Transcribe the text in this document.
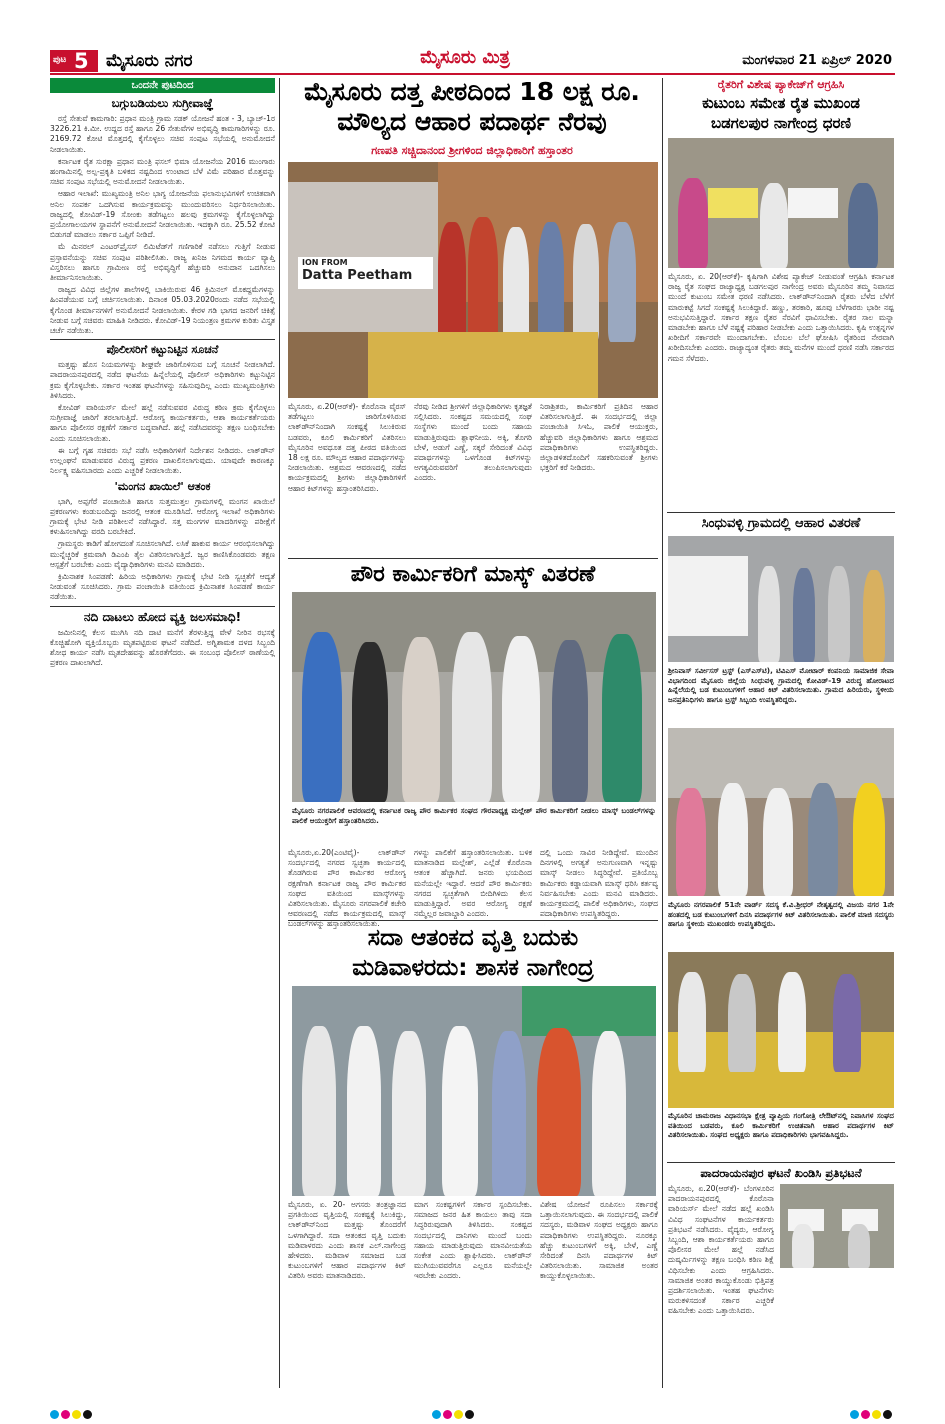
ಪುಟ 5 ಮೈಸೂರು ನಗರ	ಮೈಸೂರು ಮಿತ್ರ	ಮಂಗಳವಾರ 21 ಏಪ್ರಿಲ್ 2020
ಒಂದನೇ ಪುಟದಿಂದ
ಬಗ್ಗುಬಡಿಯಲು ಸುಗ್ರೀವಾಜ್ಞೆ

ರಸ್ತೆ ಸೇತುವೆ ಕಾಮಗಾರಿ: ಪ್ರಧಾನ ಮಂತ್ರಿ ಗ್ರಾಮ ಸಡಕ್ ಯೋಜನೆ ಹಂತ - 3, ಬ್ಯಾಚ್-1ರ 3226.21 ಕಿ.ಮೀ. ಉದ್ದದ ರಸ್ತೆ ಹಾಗೂ 26 ಸೇತುವೆಗಳ ಅಭಿವೃದ್ಧಿ ಕಾಮಗಾರಿಗಳನ್ನು ರೂ. 2169.72 ಕೋಟಿ ಮೊತ್ತದಲ್ಲಿ ಕೈಗೊಳ್ಳಲು ಸಚಿವ ಸಂಪುಟ ಸಭೆಯಲ್ಲಿ ಅನುಮೋದನೆ ನೀಡಲಾಯಿತು.

ಕರ್ನಾಟಕ ರೈತ ಸುರಕ್ಷಾ ಪ್ರಧಾನ ಮಂತ್ರಿ ಫಸಲ್ ಭಿಮಾ ಯೋಜನೆಯ 2016 ಮುಂಗಾರು ಹಂಗಾಮಿನಲ್ಲಿ ಅಲ್ಪ-ಪ್ರಕೃತಿ ಬಳಿಕದ ನಷ್ಟದಿಂದ ಉಂಟಾದ ಬೆಳೆ ವಿಮೆ ಪರಿಹಾರ ಮೊತ್ತವನ್ನು ಸಚಿವ ಸಂಪುಟ ಸಭೆಯಲ್ಲಿ ಅನುಮೋದನೆ ನೀಡಲಾಯಿತು.

ಆಹಾರ ಇಲಾಖೆ: ಮುಖ್ಯಮಂತ್ರಿ ಅನಿಲ ಭಾಗ್ಯ ಯೋಜನೆಯ ಫಲಾನುಭವಿಗಳಿಗೆ ಉಚಿತವಾಗಿ ಅನಿಲ ಸಂಪರ್ಕ ಒದಗಿಸುವ ಕಾರ್ಯಕ್ರಮವನ್ನು ಮುಂದುವರಿಸಲು ನಿರ್ಧರಿಸಲಾಯಿತು. ರಾಜ್ಯದಲ್ಲಿ ಕೋವಿಡ್-19 ಸೋಂಕು ತಡೆಗಟ್ಟಲು ಹಲವು ಕ್ರಮಗಳನ್ನು ಕೈಗೊಳ್ಳಲಾಗಿದ್ದು ಪ್ರಯೋಗಾಲಯಗಳ ಸ್ಥಾಪನೆಗೆ ಅನುಮೋದನೆ ನೀಡಲಾಯಿತು. ಇದಕ್ಕಾಗಿ ರೂ. 25.52 ಕೋಟಿ ಬಿಡುಗಡೆ ಮಾಡಲು ಸರ್ಕಾರ ಒಪ್ಪಿಗೆ ನೀಡಿದೆ.

ಮೆ ಮಿನರಲ್ ಎಂಟರ್‌ಪ್ರೈಸಸ್ ಲಿಮಿಟೆಡ್‌ಗೆ ಗಣಿಗಾರಿಕೆ ನಡೆಸಲು ಗುತ್ತಿಗೆ ನೀಡುವ ಪ್ರಸ್ತಾವನೆಯನ್ನು ಸಚಿವ ಸಂಪುಟ ಪರಿಶೀಲಿಸಿತು. ರಾಜ್ಯ ಖನಿಜ ನಿಗಮದ ಕಾರ್ಯ ವ್ಯಾಪ್ತಿ ವಿಸ್ತರಿಸಲು ಹಾಗೂ ಗ್ರಾಮೀಣ ರಸ್ತೆ ಅಭಿವೃದ್ಧಿಗೆ ಹೆಚ್ಚುವರಿ ಅನುದಾನ ಒದಗಿಸಲು ತೀರ್ಮಾನಿಸಲಾಯಿತು.

ರಾಜ್ಯದ ವಿವಿಧ ಜಿಲ್ಲೆಗಳ ಶಾಲೆಗಳಲ್ಲಿ ಬಾಕಿಯಿರುವ 46 ಕ್ರಿಮಿನಲ್ ಮೊಕದ್ದಮೆಗಳನ್ನು ಹಿಂಪಡೆಯುವ ಬಗ್ಗೆ ಚರ್ಚಿಸಲಾಯಿತು. ದಿನಾಂಕ 05.03.2020ರಂದು ನಡೆದ ಸಭೆಯಲ್ಲಿ ಕೈಗೊಂಡ ತೀರ್ಮಾನಗಳಿಗೆ ಅನುಮೋದನೆ ನೀಡಲಾಯಿತು. ಕೇರಳ ಗಡಿ ಭಾಗದ ಜನರಿಗೆ ಚಿಕಿತ್ಸೆ ನೀಡುವ ಬಗ್ಗೆ ಸಚಿವರು ಮಾಹಿತಿ ನೀಡಿದರು. ಕೋವಿಡ್-19 ನಿಯಂತ್ರಣ ಕ್ರಮಗಳ ಕುರಿತು ವಿಸ್ತೃತ ಚರ್ಚೆ ನಡೆಯಿತು.

ಪೊಲೀಸರಿಗೆ ಕಟ್ಟುನಿಟ್ಟಿನ ಸೂಚನೆ

ಮತ್ತಷ್ಟು ಹೊಸ ನಿಯಮಗಳನ್ನು ಶೀಘ್ರವೇ ಜಾರಿಗೊಳಿಸುವ ಬಗ್ಗೆ ಸೂಚನೆ ನೀಡಲಾಗಿದೆ. ಪಾದರಾಯನಪುರದಲ್ಲಿ ನಡೆದ ಘಟನೆಯ ಹಿನ್ನೆಲೆಯಲ್ಲಿ ಪೊಲೀಸ್ ಅಧಿಕಾರಿಗಳು ಕಟ್ಟುನಿಟ್ಟಿನ ಕ್ರಮ ಕೈಗೊಳ್ಳಬೇಕು. ಸರ್ಕಾರ ಇಂತಹ ಘಟನೆಗಳನ್ನು ಸಹಿಸುವುದಿಲ್ಲ ಎಂದು ಮುಖ್ಯಮಂತ್ರಿಗಳು ತಿಳಿಸಿದರು.

ಕೋವಿಡ್ ವಾರಿಯರ್ಸ್ ಮೇಲೆ ಹಲ್ಲೆ ನಡೆಸುವವರ ವಿರುದ್ಧ ಕಠಿಣ ಕ್ರಮ ಕೈಗೊಳ್ಳಲು ಸುಗ್ರೀವಾಜ್ಞೆ ಜಾರಿಗೆ ತರಲಾಗುತ್ತಿದೆ. ಆರೋಗ್ಯ ಕಾರ್ಯಕರ್ತರು, ಆಶಾ ಕಾರ್ಯಕರ್ತೆಯರು ಹಾಗೂ ಪೊಲೀಸರ ರಕ್ಷಣೆಗೆ ಸರ್ಕಾರ ಬದ್ಧವಾಗಿದೆ. ಹಲ್ಲೆ ನಡೆಸಿದವರನ್ನು ತಕ್ಷಣ ಬಂಧಿಸಬೇಕು ಎಂದು ಸೂಚಿಸಲಾಯಿತು.

ಈ ಬಗ್ಗೆ ಗೃಹ ಸಚಿವರು ಸಭೆ ನಡೆಸಿ ಅಧಿಕಾರಿಗಳಿಗೆ ನಿರ್ದೇಶನ ನೀಡಿದರು. ಲಾಕ್‌ಡೌನ್ ಉಲ್ಲಂಘನೆ ಮಾಡುವವರ ವಿರುದ್ಧ ಪ್ರಕರಣ ದಾಖಲಿಸಲಾಗುವುದು. ಯಾವುದೇ ಕಾರಣಕ್ಕೂ ನಿರ್ಲಕ್ಷ್ಯ ವಹಿಸಬಾರದು ಎಂದು ಎಚ್ಚರಿಕೆ ನೀಡಲಾಯಿತು.

'ಮಂಗನ ಖಾಯಿಲೆ' ಆತಂಕ

ಭಾಗಿ, ಅಪ್ಪಗೆರೆ ಪಂಚಾಯಿತಿ ಹಾಗೂ ಸುತ್ತಮುತ್ತಲ ಗ್ರಾಮಗಳಲ್ಲಿ ಮಂಗನ ಖಾಯಿಲೆ ಪ್ರಕರಣಗಳು ಕಂಡುಬಂದಿದ್ದು ಜನರಲ್ಲಿ ಆತಂಕ ಮೂಡಿಸಿದೆ. ಆರೋಗ್ಯ ಇಲಾಖೆ ಅಧಿಕಾರಿಗಳು ಗ್ರಾಮಕ್ಕೆ ಭೇಟಿ ನೀಡಿ ಪರಿಶೀಲನೆ ನಡೆಸಿದ್ದಾರೆ. ಸತ್ತ ಮಂಗಗಳ ಮಾದರಿಗಳನ್ನು ಪರೀಕ್ಷೆಗೆ ಕಳುಹಿಸಲಾಗಿದ್ದು ವರದಿ ಬರಬೇಕಿದೆ.

ಗ್ರಾಮಸ್ಥರು ಕಾಡಿಗೆ ಹೋಗದಂತೆ ಸೂಚಿಸಲಾಗಿದೆ. ಲಸಿಕೆ ಹಾಕುವ ಕಾರ್ಯ ಆರಂಭಿಸಲಾಗಿದ್ದು ಮುನ್ನೆಚ್ಚರಿಕೆ ಕ್ರಮವಾಗಿ ಡಿಎಂಪಿ ತೈಲ ವಿತರಿಸಲಾಗುತ್ತಿದೆ. ಜ್ವರ ಕಾಣಿಸಿಕೊಂಡವರು ತಕ್ಷಣ ಆಸ್ಪತ್ರೆಗೆ ಬರಬೇಕು ಎಂದು ವೈದ್ಯಾಧಿಕಾರಿಗಳು ಮನವಿ ಮಾಡಿದರು.

ಕ್ರಿಮಿನಾಶಕ ಸಿಂಪಡಣೆ: ಹಿರಿಯ ಅಧಿಕಾರಿಗಳು ಗ್ರಾಮಕ್ಕೆ ಭೇಟಿ ನೀಡಿ ಸ್ವಚ್ಛತೆಗೆ ಆದ್ಯತೆ ನೀಡುವಂತೆ ಸೂಚಿಸಿದರು. ಗ್ರಾಮ ಪಂಚಾಯಿತಿ ವತಿಯಿಂದ ಕ್ರಿಮಿನಾಶಕ ಸಿಂಪಡಣೆ ಕಾರ್ಯ ನಡೆಯಿತು.

ನದಿ ದಾಟಲು ಹೋದ ವ್ಯಕ್ತಿ ಜಲಸಮಾಧಿ!

ಜಮೀನಿನಲ್ಲಿ ಕೆಲಸ ಮುಗಿಸಿ ನದಿ ದಾಟಿ ಮನೆಗೆ ತೆರಳುತ್ತಿದ್ದ ವೇಳೆ ನೀರಿನ ರಭಸಕ್ಕೆ ಕೊಚ್ಚಿಹೋಗಿ ವ್ಯಕ್ತಿಯೊಬ್ಬರು ಮೃತಪಟ್ಟಿರುವ ಘಟನೆ ನಡೆದಿದೆ. ಅಗ್ನಿಶಾಮಕ ದಳದ ಸಿಬ್ಬಂದಿ ಶೋಧ ಕಾರ್ಯ ನಡೆಸಿ ಮೃತದೇಹವನ್ನು ಹೊರತೆಗೆದರು. ಈ ಸಂಬಂಧ ಪೊಲೀಸ್ ಠಾಣೆಯಲ್ಲಿ ಪ್ರಕರಣ ದಾಖಲಾಗಿದೆ.

ಮೈಸೂರು ದತ್ತ ಪೀಠದಿಂದ 18 ಲಕ್ಷ ರೂ.
ಮೌಲ್ಯದ ಆಹಾರ ಪದಾರ್ಥ ನೆರವು
ಗಣಪತಿ ಸಚ್ಚಿದಾನಂದ ಶ್ರೀಗಳಿಂದ ಜಿಲ್ಲಾಧಿಕಾರಿಗೆ ಹಸ್ತಾಂತರ
ION FROM
Datta Peetham
ಮೈಸೂರು, ಏ.20(ಆರ್‌ಕೆ)- ಕೊರೊನಾ ವೈರಸ್ ತಡೆಗಟ್ಟಲು ಜಾರಿಗೊಳಿಸಿರುವ ಲಾಕ್‌ಡೌನ್‌ನಿಂದಾಗಿ ಸಂಕಷ್ಟಕ್ಕೆ ಸಿಲುಕಿರುವ ಬಡವರು, ಕೂಲಿ ಕಾರ್ಮಿಕರಿಗೆ ವಿತರಿಸಲು ಮೈಸೂರಿನ ಅವಧೂತ ದತ್ತ ಪೀಠದ ವತಿಯಿಂದ 18 ಲಕ್ಷ ರೂ. ಮೌಲ್ಯದ ಆಹಾರ ಪದಾರ್ಥಗಳನ್ನು ನೀಡಲಾಯಿತು. ಆಶ್ರಮದ ಆವರಣದಲ್ಲಿ ನಡೆದ ಕಾರ್ಯಕ್ರಮದಲ್ಲಿ ಶ್ರೀಗಳು ಜಿಲ್ಲಾಧಿಕಾರಿಗಳಿಗೆ ಆಹಾರ ಕಿಟ್‌ಗಳನ್ನು ಹಸ್ತಾಂತರಿಸಿದರು.
ನೆರವು ನೀಡಿದ ಶ್ರೀಗಳಿಗೆ ಜಿಲ್ಲಾಧಿಕಾರಿಗಳು ಕೃತಜ್ಞತೆ ಸಲ್ಲಿಸಿದರು. ಸಂಕಷ್ಟದ ಸಮಯದಲ್ಲಿ ಸಂಘ ಸಂಸ್ಥೆಗಳು ಮುಂದೆ ಬಂದು ಸಹಾಯ ಮಾಡುತ್ತಿರುವುದು ಶ್ಲಾಘನೀಯ. ಅಕ್ಕಿ, ತೊಗರಿ ಬೇಳೆ, ಅಡುಗೆ ಎಣ್ಣೆ, ಸಕ್ಕರೆ ಸೇರಿದಂತೆ ವಿವಿಧ ಪದಾರ್ಥಗಳನ್ನು ಒಳಗೊಂಡ ಕಿಟ್‌ಗಳನ್ನು ಅಗತ್ಯವಿರುವವರಿಗೆ ತಲುಪಿಸಲಾಗುವುದು ಎಂದರು.
ನಿರಾಶ್ರಿತರು, ಕಾರ್ಮಿಕರಿಗೆ ಪ್ರತಿದಿನ ಆಹಾರ ವಿತರಿಸಲಾಗುತ್ತಿದೆ. ಈ ಸಂದರ್ಭದಲ್ಲಿ ಜಿಲ್ಲಾ ಪಂಚಾಯಿತಿ ಸಿಇಓ, ಪಾಲಿಕೆ ಆಯುಕ್ತರು, ಹೆಚ್ಚುವರಿ ಜಿಲ್ಲಾಧಿಕಾರಿಗಳು ಹಾಗೂ ಆಶ್ರಮದ ಪದಾಧಿಕಾರಿಗಳು ಉಪಸ್ಥಿತರಿದ್ದರು. ಜಿಲ್ಲಾಡಳಿತದೊಂದಿಗೆ ಸಹಕರಿಸುವಂತೆ ಶ್ರೀಗಳು ಭಕ್ತರಿಗೆ ಕರೆ ನೀಡಿದರು.
ಪೌರ ಕಾರ್ಮಿಕರಿಗೆ ಮಾಸ್ಕ್ ವಿತರಣೆ
ಮೈಸೂರು ನಗರಪಾಲಿಕೆ ಆವರಣದಲ್ಲಿ ಕರ್ನಾಟಕ ರಾಜ್ಯ ಪೌರ ಕಾರ್ಮಿಕರ ಸಂಘದ ಗೌರವಾಧ್ಯಕ್ಷ ಮಲ್ಲೇಶ್ ಪೌರ ಕಾರ್ಮಿಕರಿಗೆ ನೀಡಲು ಮಾಸ್ಕ್ ಬಂಡಲ್‌ಗಳನ್ನು ಪಾಲಿಕೆ ಆಯುಕ್ತರಿಗೆ ಹಸ್ತಾಂತರಿಸಿದರು.
ಮೈಸೂರು,ಏ.20(ಎಂಟಿವೈ)- ಲಾಕ್‌ಡೌನ್ ಸಂದರ್ಭದಲ್ಲಿ ನಗರದ ಸ್ವಚ್ಛತಾ ಕಾರ್ಯದಲ್ಲಿ ತೊಡಗಿರುವ ಪೌರ ಕಾರ್ಮಿಕರ ಆರೋಗ್ಯ ರಕ್ಷಣೆಗಾಗಿ ಕರ್ನಾಟಕ ರಾಜ್ಯ ಪೌರ ಕಾರ್ಮಿಕರ ಸಂಘದ ವತಿಯಿಂದ ಮಾಸ್ಕ್‌ಗಳನ್ನು ವಿತರಿಸಲಾಯಿತು. ಮೈಸೂರು ನಗರಪಾಲಿಕೆ ಕಚೇರಿ ಆವರಣದಲ್ಲಿ ನಡೆದ ಕಾರ್ಯಕ್ರಮದಲ್ಲಿ ಮಾಸ್ಕ್ ಬಂಡಲ್‌ಗಳನ್ನು ಹಸ್ತಾಂತರಿಸಲಾಯಿತು.
ಗಳನ್ನು ಪಾಲಿಕೆಗೆ ಹಸ್ತಾಂತರಿಸಲಾಯಿತು. ಬಳಿಕ ಮಾತನಾಡಿದ ಮಲ್ಲೇಶ್, ಎಲ್ಲೆಡೆ ಕೊರೊನಾ ಆತಂಕ ಹೆಚ್ಚಾಗಿದೆ. ಜನರು ಭಯದಿಂದ ಮನೆಯಲ್ಲೇ ಇದ್ದಾರೆ. ಆದರೆ ಪೌರ ಕಾರ್ಮಿಕರು ನಗರದ ಸ್ವಚ್ಛತೆಗಾಗಿ ಬೀದಿಗಿಳಿದು ಕೆಲಸ ಮಾಡುತ್ತಿದ್ದಾರೆ. ಅವರ ಆರೋಗ್ಯ ರಕ್ಷಣೆ ನಮ್ಮೆಲ್ಲರ ಜವಾಬ್ದಾರಿ ಎಂದರು.
ದಲ್ಲಿ ಒಂದು ಸಾವಿರ ನೀಡಿದ್ದೇವೆ. ಮುಂದಿನ ದಿನಗಳಲ್ಲಿ ಅಗತ್ಯತೆ ಅನುಗುಣವಾಗಿ ಇನ್ನಷ್ಟು ಮಾಸ್ಕ್ ನೀಡಲು ಸಿದ್ಧರಿದ್ದೇವೆ. ಪ್ರತಿಯೊಬ್ಬ ಕಾರ್ಮಿಕರು ಕಡ್ಡಾಯವಾಗಿ ಮಾಸ್ಕ್ ಧರಿಸಿ ಕರ್ತವ್ಯ ನಿರ್ವಹಿಸಬೇಕು ಎಂದು ಮನವಿ ಮಾಡಿದರು. ಕಾರ್ಯಕ್ರಮದಲ್ಲಿ ಪಾಲಿಕೆ ಅಧಿಕಾರಿಗಳು, ಸಂಘದ ಪದಾಧಿಕಾರಿಗಳು ಉಪಸ್ಥಿತರಿದ್ದರು.
ಸದಾ ಆತಂಕದ ವೃತ್ತಿ ಬದುಕು
ಮಡಿವಾಳರದು: ಶಾಸಕ ನಾಗೇಂದ್ರ
ಮೈಸೂರು, ಏ. 20- ಅಗಸರು ತಂತ್ರಜ್ಞಾನದ ಪ್ರಗತಿಯಿಂದ ವೃತ್ತಿಯಲ್ಲಿ ಸಂಕಷ್ಟಕ್ಕೆ ಸಿಲುಕಿದ್ದು, ಲಾಕ್‌ಡೌನ್‌ನಿಂದ ಮತ್ತಷ್ಟು ತೊಂದರೆಗೆ ಒಳಗಾಗಿದ್ದಾರೆ. ಸದಾ ಆತಂಕದ ವೃತ್ತಿ ಬದುಕು ಮಡಿವಾಳರದು ಎಂದು ಶಾಸಕ ಎಲ್.ನಾಗೇಂದ್ರ ಹೇಳಿದರು. ಮಡಿವಾಳ ಸಮಾಜದ ಬಡ ಕುಟುಂಬಗಳಿಗೆ ಆಹಾರ ಪದಾರ್ಥಗಳ ಕಿಟ್ ವಿತರಿಸಿ ಅವರು ಮಾತನಾಡಿದರು.
ಮಾಗ ಸಂಕಷ್ಟಗಳಿಗೆ ಸರ್ಕಾರ ಸ್ಪಂದಿಸಬೇಕು. ಸಮಾಜದ ಜನರ ಹಿತ ಕಾಯಲು ತಾವು ಸದಾ ಸಿದ್ಧರಿರುವುದಾಗಿ ತಿಳಿಸಿದರು. ಸಂಕಷ್ಟದ ಸಂದರ್ಭದಲ್ಲಿ ದಾನಿಗಳು ಮುಂದೆ ಬಂದು ಸಹಾಯ ಮಾಡುತ್ತಿರುವುದು ಮಾನವೀಯತೆಯ ಸಂಕೇತ ಎಂದು ಶ್ಲಾಘಿಸಿದರು. ಲಾಕ್‌ಡೌನ್ ಮುಗಿಯುವವರೆಗೂ ಎಲ್ಲರೂ ಮನೆಯಲ್ಲೇ ಇರಬೇಕು ಎಂದರು.
ವಿಶೇಷ ಯೋಜನೆ ರೂಪಿಸಲು ಸರ್ಕಾರಕ್ಕೆ ಒತ್ತಾಯಿಸಲಾಗುವುದು. ಈ ಸಂದರ್ಭದಲ್ಲಿ ಪಾಲಿಕೆ ಸದಸ್ಯರು, ಮಡಿವಾಳ ಸಂಘದ ಅಧ್ಯಕ್ಷರು ಹಾಗೂ ಪದಾಧಿಕಾರಿಗಳು ಉಪಸ್ಥಿತರಿದ್ದರು. ನೂರಕ್ಕೂ ಹೆಚ್ಚು ಕುಟುಂಬಗಳಿಗೆ ಅಕ್ಕಿ, ಬೇಳೆ, ಎಣ್ಣೆ ಸೇರಿದಂತೆ ದಿನಸಿ ಪದಾರ್ಥಗಳ ಕಿಟ್ ವಿತರಿಸಲಾಯಿತು. ಸಾಮಾಜಿಕ ಅಂತರ ಕಾಯ್ದುಕೊಳ್ಳಲಾಯಿತು.
ರೈತರಿಗೆ ವಿಶೇಷ ಪ್ಯಾಕೇಜ್‌ಗೆ ಆಗ್ರಹಿಸಿ
ಕುಟುಂಬ ಸಮೇತ ರೈತ ಮುಖಂಡ
ಬಡಗಲಪುರ ನಾಗೇಂದ್ರ ಧರಣಿ
ಮೈಸೂರು, ಏ. 20(ಆರ್‌ಕೆ)- ಕೃಷಿಗಾಗಿ ವಿಶೇಷ ಪ್ಯಾಕೇಜ್ ನೀಡುವಂತೆ ಆಗ್ರಹಿಸಿ ಕರ್ನಾಟಕ ರಾಜ್ಯ ರೈತ ಸಂಘದ ರಾಜ್ಯಾಧ್ಯಕ್ಷ ಬಡಗಲಪುರ ನಾಗೇಂದ್ರ ಅವರು ಮೈಸೂರಿನ ತಮ್ಮ ನಿವಾಸದ ಮುಂದೆ ಕುಟುಂಬ ಸಮೇತ ಧರಣಿ ನಡೆಸಿದರು. ಲಾಕ್‌ಡೌನ್‌ನಿಂದಾಗಿ ರೈತರು ಬೆಳೆದ ಬೆಳೆಗೆ ಮಾರುಕಟ್ಟೆ ಸಿಗದೆ ಸಂಕಷ್ಟಕ್ಕೆ ಸಿಲುಕಿದ್ದಾರೆ. ಹಣ್ಣು, ತರಕಾರಿ, ಹೂವು ಬೆಳೆಗಾರರು ಭಾರೀ ನಷ್ಟ ಅನುಭವಿಸುತ್ತಿದ್ದಾರೆ. ಸರ್ಕಾರ ತಕ್ಷಣ ರೈತರ ನೆರವಿಗೆ ಧಾವಿಸಬೇಕು. ರೈತರ ಸಾಲ ಮನ್ನಾ ಮಾಡಬೇಕು ಹಾಗೂ ಬೆಳೆ ನಷ್ಟಕ್ಕೆ ಪರಿಹಾರ ನೀಡಬೇಕು ಎಂದು ಒತ್ತಾಯಿಸಿದರು. ಕೃಷಿ ಉತ್ಪನ್ನಗಳ ಖರೀದಿಗೆ ಸರ್ಕಾರವೇ ಮುಂದಾಗಬೇಕು. ಬೆಂಬಲ ಬೆಲೆ ಘೋಷಿಸಿ ರೈತರಿಂದ ನೇರವಾಗಿ ಖರೀದಿಸಬೇಕು ಎಂದರು. ರಾಜ್ಯಾದ್ಯಂತ ರೈತರು ತಮ್ಮ ಮನೆಗಳ ಮುಂದೆ ಧರಣಿ ನಡೆಸಿ ಸರ್ಕಾರದ ಗಮನ ಸೆಳೆದರು.
ಸಿಂಧುವಳ್ಳಿ ಗ್ರಾಮದಲ್ಲಿ ಆಹಾರ ವಿತರಣೆ
ಶ್ರೀನಿವಾಸ್ ಸರ್ವೀಸಸ್ ಟ್ರಸ್ಟ್ (ಎಸ್‌ಎಸ್‌ಟಿ), ಟಿವಿಎಸ್ ಮೋಟಾರ್ ಕಂಪನಿಯ ಸಾಮಾಜಿಕ ಸೇವಾ ವಿಭಾಗದಿಂದ ಮೈಸೂರು ಜಿಲ್ಲೆಯ ಸಿಂಧುವಳ್ಳಿ ಗ್ರಾಮದಲ್ಲಿ ಕೋವಿಡ್-19 ವಿರುದ್ಧ ಹೋರಾಟದ ಹಿನ್ನೆಲೆಯಲ್ಲಿ ಬಡ ಕುಟುಂಬಗಳಿಗೆ ಆಹಾರ ಕಿಟ್ ವಿತರಿಸಲಾಯಿತು. ಗ್ರಾಮದ ಹಿರಿಯರು, ಸ್ಥಳೀಯ ಜನಪ್ರತಿನಿಧಿಗಳು ಹಾಗೂ ಟ್ರಸ್ಟ್ ಸಿಬ್ಬಂದಿ ಉಪಸ್ಥಿತರಿದ್ದರು.
ಮೈಸೂರು ನಗರಪಾಲಿಕೆ 51ನೇ ವಾರ್ಡ್ ಸದಸ್ಯ ಕೆ.ವಿ.ಶ್ರೀಧರ್ ನೇತೃತ್ವದಲ್ಲಿ ವಿಜಯ ನಗರ 1ನೇ ಹಂತದಲ್ಲಿ ಬಡ ಕುಟುಂಬಗಳಿಗೆ ದಿನಸಿ ಪದಾರ್ಥಗಳ ಕಿಟ್ ವಿತರಿಸಲಾಯಿತು. ಪಾಲಿಕೆ ಮಾಜಿ ಸದಸ್ಯರು ಹಾಗೂ ಸ್ಥಳೀಯ ಮುಖಂಡರು ಉಪಸ್ಥಿತರಿದ್ದರು.
ಮೈಸೂರಿನ ಚಾಮರಾಜ ವಿಧಾನಸಭಾ ಕ್ಷೇತ್ರ ವ್ಯಾಪ್ತಿಯ ಗಂಗೋತ್ರಿ ಲೇಔಟ್‌ನಲ್ಲಿ ನಿವಾಸಿಗಳ ಸಂಘದ ವತಿಯಿಂದ ಬಡವರು, ಕೂಲಿ ಕಾರ್ಮಿಕರಿಗೆ ಉಚಿತವಾಗಿ ಆಹಾರ ಪದಾರ್ಥಗಳ ಕಿಟ್ ವಿತರಿಸಲಾಯಿತು. ಸಂಘದ ಅಧ್ಯಕ್ಷರು ಹಾಗೂ ಪದಾಧಿಕಾರಿಗಳು ಭಾಗವಹಿಸಿದ್ದರು.
ಪಾದರಾಯನಪುರ ಘಟನೆ ಖಂಡಿಸಿ ಪ್ರತಿಭಟನೆ
ಮೈಸೂರು, ಏ.20(ಆರ್‌ಕೆ)- ಬೆಂಗಳೂರಿನ ಪಾದರಾಯನಪುರದಲ್ಲಿ ಕೊರೊನಾ ವಾರಿಯರ್ಸ್ ಮೇಲೆ ನಡೆದ ಹಲ್ಲೆ ಖಂಡಿಸಿ ವಿವಿಧ ಸಂಘಟನೆಗಳ ಕಾರ್ಯಕರ್ತರು ಪ್ರತಿಭಟನೆ ನಡೆಸಿದರು. ವೈದ್ಯರು, ಆರೋಗ್ಯ ಸಿಬ್ಬಂದಿ, ಆಶಾ ಕಾರ್ಯಕರ್ತೆಯರು ಹಾಗೂ ಪೊಲೀಸರ ಮೇಲೆ ಹಲ್ಲೆ ನಡೆಸಿದ ದುಷ್ಕರ್ಮಿಗಳನ್ನು ತಕ್ಷಣ ಬಂಧಿಸಿ ಕಠಿಣ ಶಿಕ್ಷೆ ವಿಧಿಸಬೇಕು ಎಂದು ಆಗ್ರಹಿಸಿದರು. ಸಾಮಾಜಿಕ ಅಂತರ ಕಾಯ್ದುಕೊಂಡು ಭಿತ್ತಿಪತ್ರ ಪ್ರದರ್ಶಿಸಲಾಯಿತು. ಇಂತಹ ಘಟನೆಗಳು ಮರುಕಳಿಸದಂತೆ ಸರ್ಕಾರ ಎಚ್ಚರಿಕೆ ವಹಿಸಬೇಕು ಎಂದು ಒತ್ತಾಯಿಸಿದರು.
